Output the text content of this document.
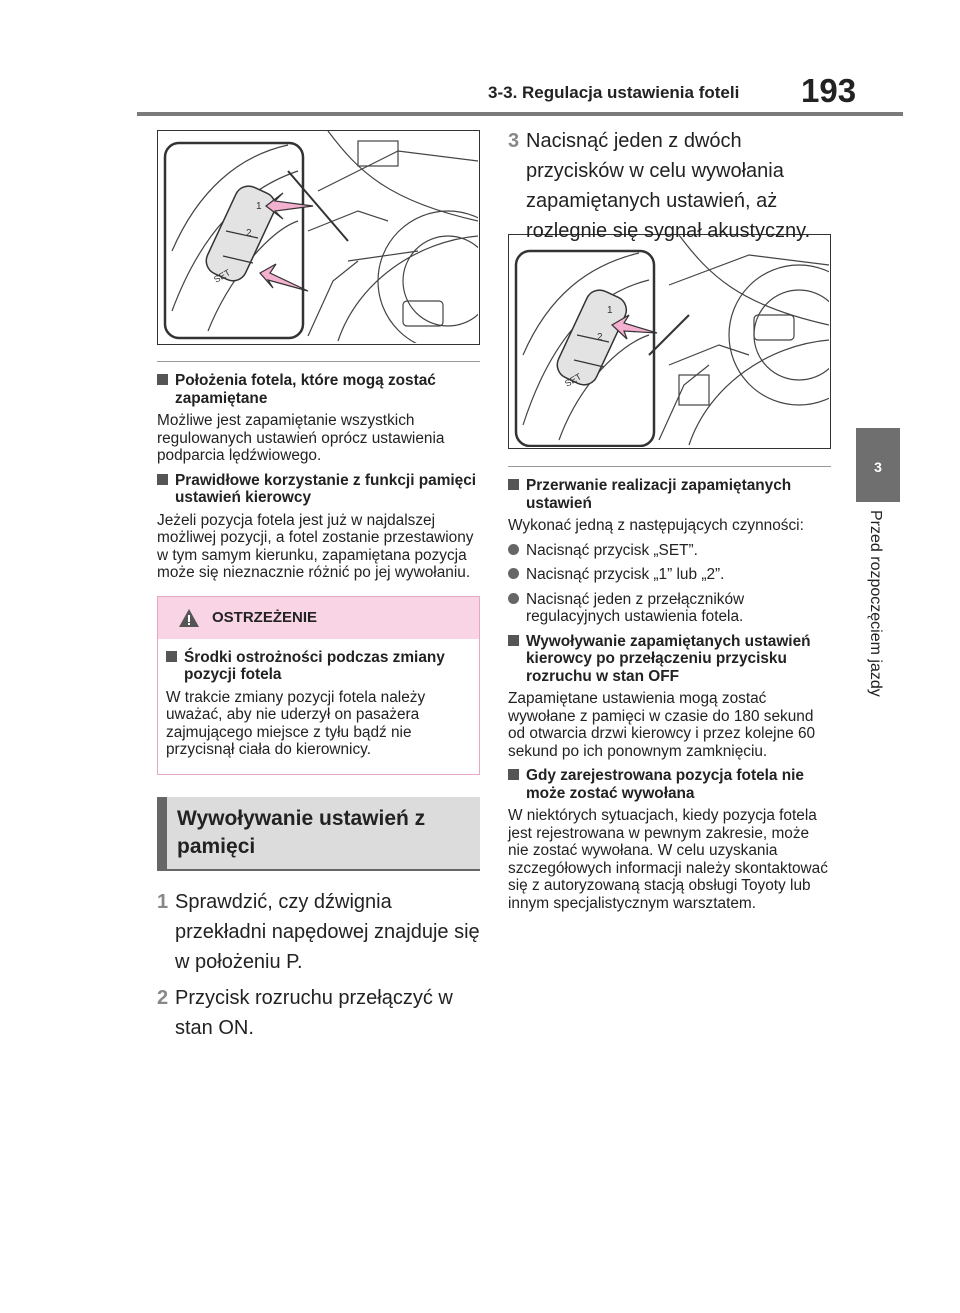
3-3. Regulacja ustawienia foteli 193
3
Przed rozpoczęciem jazdy
1
2
SET
1
2
SET
Położenia fotela, które mogą zostać zapamiętane
Możliwe jest zapamiętanie wszystkich regulowanych ustawień oprócz ustawienia podparcia lędźwiowego.
Prawidłowe korzystanie z funkcji pamięci ustawień kierowcy
Jeżeli pozycja fotela jest już w najdalszej możliwej pozycji, a fotel zostanie przestawiony w tym samym kierunku, zapamiętana pozycja może się nieznacznie różnić po jej wywołaniu.
OSTRZEŻENIE
Środki ostrożności podczas zmiany pozycji fotela
W trakcie zmiany pozycji fotela należy uważać, aby nie uderzył on pasażera zajmującego miejsce z tyłu bądź nie przycisnął ciała do kierownicy.
Wywoływanie ustawień z pamięci
1 Sprawdzić, czy dźwignia przekładni napędowej znajduje się w położeniu P.
2 Przycisk rozruchu przełączyć w stan ON.
3 Nacisnąć jeden z dwóch przycisków w celu wywołania zapamiętanych ustawień, aż rozlegnie się sygnał akustyczny.
Przerwanie realizacji zapamiętanych ustawień
Wykonać jedną z następujących czynności:
Nacisnąć przycisk „SET”.
Nacisnąć przycisk „1” lub „2”.
Nacisnąć jeden z przełączników regulacyjnych ustawienia fotela.
Wywoływanie zapamiętanych ustawień kierowcy po przełączeniu przycisku rozruchu w stan OFF
Zapamiętane ustawienia mogą zostać wywołane z pamięci w czasie do 180 sekund od otwarcia drzwi kierowcy i przez kolejne 60 sekund po ich ponownym zamknięciu.
Gdy zarejestrowana pozycja fotela nie może zostać wywołana
W niektórych sytuacjach, kiedy pozycja fotela jest rejestrowana w pewnym zakresie, może nie zostać wywołana. W celu uzyskania szczegółowych informacji należy skontaktować się z autoryzowaną stacją obsługi Toyoty lub innym specjalistycznym warsztatem.
